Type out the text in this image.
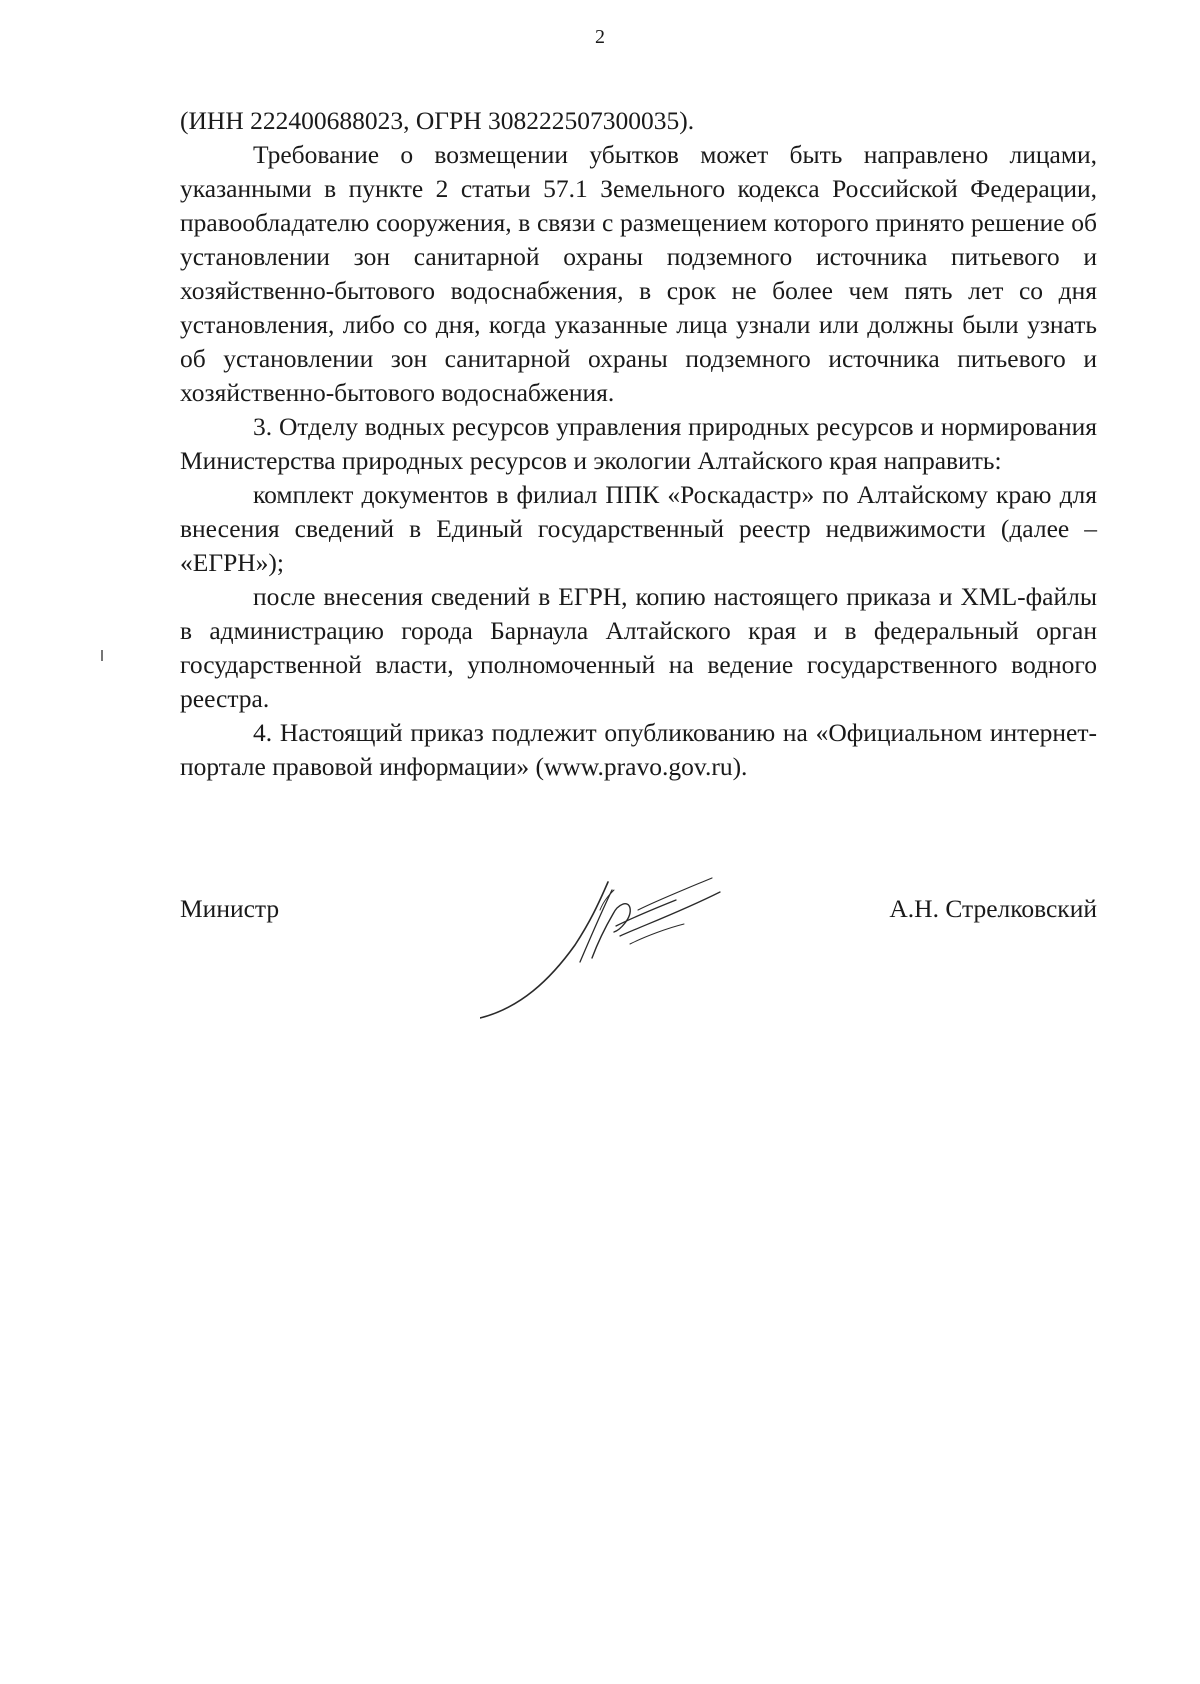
2

(ИНН 222400688023, ОГРН 308222507300035).

Требование о возмещении убытков может быть направлено лицами, указанными в пункте 2 статьи 57.1 Земельного кодекса Российской Федерации, правообладателю сооружения, в связи с размещением которого принято решение об установлении зон санитарной охраны подземного источника питьевого и хозяйственно-бытового водоснабжения, в срок не более чем пять лет со дня установления, либо со дня, когда указанные лица узнали или должны были узнать об установлении зон санитарной охраны подземного источника питьевого и хозяйственно-бытового водоснабжения.

3. Отделу водных ресурсов управления природных ресурсов и нормирования Министерства природных ресурсов и экологии Алтайского края направить:

комплект документов в филиал ППК «Роскадастр» по Алтайскому краю для внесения сведений в Единый государственный реестр недвижимости (далее – «ЕГРН»);

после внесения сведений в ЕГРН, копию настоящего приказа и XML-файлы в администрацию города Барнаула Алтайского края и в федеральный орган государственной власти, уполномоченный на ведение государственного водного реестра.

4. Настоящий приказ подлежит опубликованию на «Официальном интернет-портале правовой информации» (www.pravo.gov.ru).

Министр	А.Н. Стрелковский
